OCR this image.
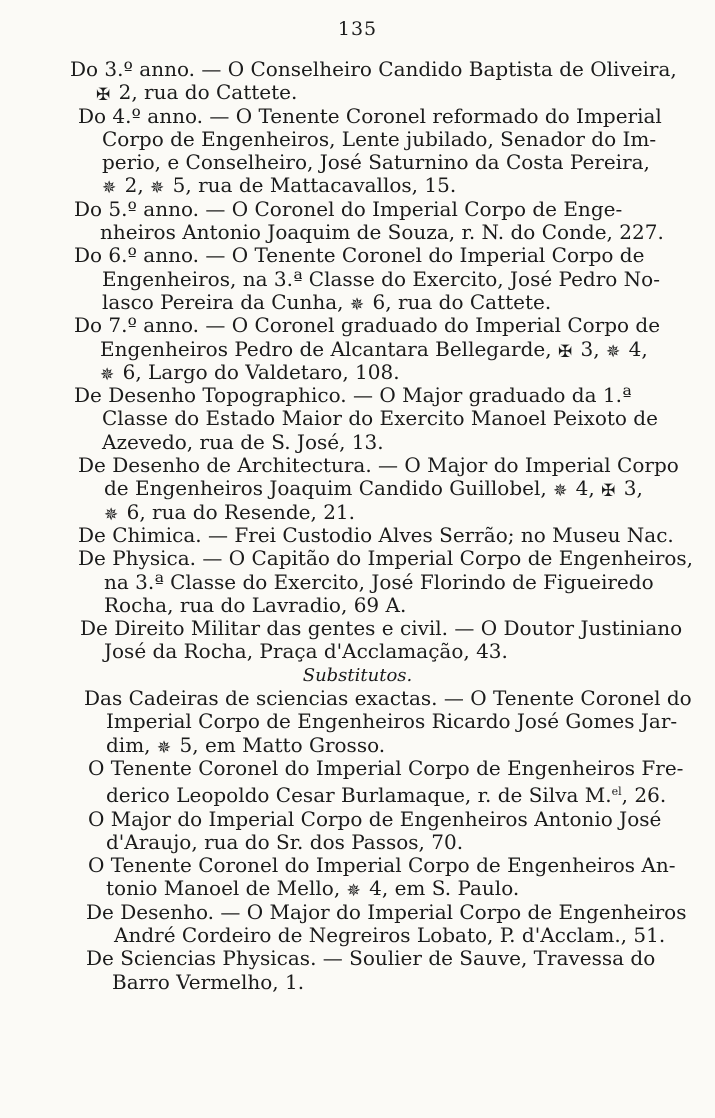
135
Do 3.º anno. — O Conselheiro Candido Baptista de Oliveira,
✠ 2, rua do Cattete.
Do 4.º anno. — O Tenente Coronel reformado do Imperial
Corpo de Engenheiros, Lente jubilado, Senador do Im-
perio, e Conselheiro, José Saturnino da Costa Pereira,
✵ 2, ✵ 5, rua de Mattacavallos, 15.
Do 5.º anno. — O Coronel do Imperial Corpo de Enge-
nheiros Antonio Joaquim de Souza, r. N. do Conde, 227.
Do 6.º anno. — O Tenente Coronel do Imperial Corpo de
Engenheiros, na 3.ª Classe do Exercito, José Pedro No-
lasco Pereira da Cunha, ✵ 6, rua do Cattete.
Do 7.º anno. — O Coronel graduado do Imperial Corpo de
Engenheiros Pedro de Alcantara Bellegarde, ✠ 3, ✵ 4,
✵ 6, Largo do Valdetaro, 108.
De Desenho Topographico. — O Major graduado da 1.ª
Classe do Estado Maior do Exercito Manoel Peixoto de
Azevedo, rua de S. José, 13.
De Desenho de Architectura. — O Major do Imperial Corpo
de Engenheiros Joaquim Candido Guillobel, ✵ 4, ✠ 3,
✵ 6, rua do Resende, 21.
De Chimica. — Frei Custodio Alves Serrão; no Museu Nac.
De Physica. — O Capitão do Imperial Corpo de Engenheiros,
na 3.ª Classe do Exercito, José Florindo de Figueiredo
Rocha, rua do Lavradio, 69 A.
De Direito Militar das gentes e civil. — O Doutor Justiniano
José da Rocha, Praça d'Acclamação, 43.
Substitutos.
Das Cadeiras de sciencias exactas. — O Tenente Coronel do
Imperial Corpo de Engenheiros Ricardo José Gomes Jar-
dim, ✵ 5, em Matto Grosso.
O Tenente Coronel do Imperial Corpo de Engenheiros Fre-
derico Leopoldo Cesar Burlamaque, r. de Silva M.$^{el}$, 26.
O Major do Imperial Corpo de Engenheiros Antonio José
d'Araujo, rua do Sr. dos Passos, 70.
O Tenente Coronel do Imperial Corpo de Engenheiros An-
tonio Manoel de Mello, ✵ 4, em S. Paulo.
De Desenho. — O Major do Imperial Corpo de Engenheiros
André Cordeiro de Negreiros Lobato, P. d'Acclam., 51.
De Sciencias Physicas. — Soulier de Sauve, Travessa do
Barro Vermelho, 1.
